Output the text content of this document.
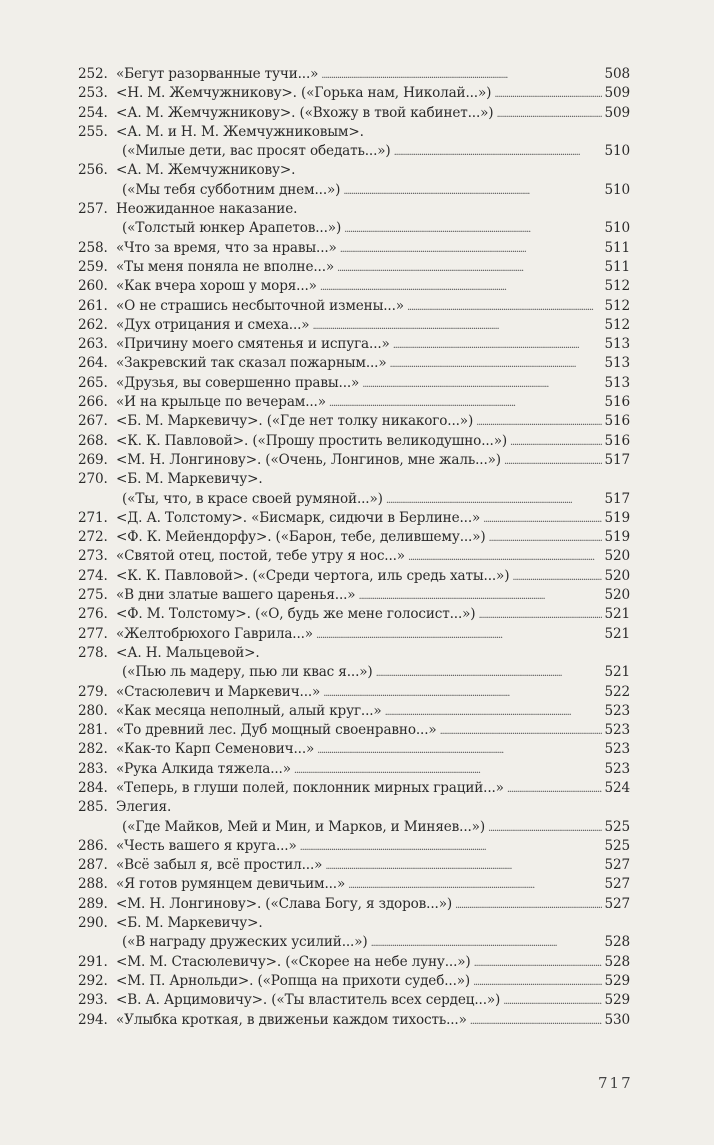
252. «Бегут разорванные тучи...» . . .	508
253. <Н. М. Жемчужникову>. («Горька нам, Николай...») . . .	509
254. <А. М. Жемчужникову>. («Вхожу в твой кабинет...») . . .	509
255. <А. М. и Н. М. Жемчужниковым>.
(«Милые дети, вас просят обедать...») . . .	510
256. <А. М. Жемчужникову>.
(«Мы тебя субботним днем...») . . .	510
257. Неожиданное наказание.
(«Толстый юнкер Арапетов...») . . .	510
258. «Что за время, что за нравы...» . . .	511
259. «Ты меня поняла не вполне...» . . .	511
260. «Как вчера хорош у моря...» . . .	512
261. «О не страшись несбыточной измены...» . . .	512
262. «Дух отрицания и смеха...» . . .	512
263. «Причину моего смятенья и испуга...» . . .	513
264. «Закревский так сказал пожарным...» . . .	513
265. «Друзья, вы совершенно правы...» . . .	513
266. «И на крыльце по вечерам...» . . .	516
267. <Б. М. Маркевичу>. («Где нет толку никакого...») . . .	516
268. <К. К. Павловой>. («Прошу простить великодушно...») . . .	516
269. <М. Н. Лонгинову>. («Очень, Лонгинов, мне жаль...») . . .	517
270. <Б. М. Маркевичу>.
(«Ты, что, в красе своей румяной...») . . .	517
271. <Д. А. Толстому>. «Бисмарк, сидючи в Берлине...» . . .	519
272. <Ф. К. Мейендорфу>. («Барон, тебе, делившему...») . . .	519
273. «Святой отец, постой, тебе утру я нос...» . . .	520
274. <К. К. Павловой>. («Среди чертога, иль средь хаты...») . . .	520
275. «В дни златые вашего царенья...» . . .	520
276. <Ф. М. Толстому>. («О, будь же мене голосист...») . . .	521
277. «Желтобрюхого Гаврила...» . . .	521
278. <А. Н. Мальцевой>.
(«Пью ль мадеру, пью ли квас я...») . . .	521
279. «Стасюлевич и Маркевич...» . . .	522
280. «Как месяца неполный, алый круг...» . . .	523
281. «То древний лес. Дуб мощный своенравно...» . . .	523
282. «Как-то Карп Семенович...» . . .	523
283. «Рука Алкида тяжела...» . . .	523
284. «Теперь, в глуши полей, поклонник мирных граций...» . . .	524
285. Элегия.
(«Где Майков, Мей и Мин, и Марков, и Миняев...») . . .	525
286. «Честь вашего я круга...» . . .	525
287. «Всё забыл я, всё простил...» . . .	527
288. «Я готов румянцем девичьим...» . . .	527
289. <М. Н. Лонгинову>. («Слава Богу, я здоров...») . . .	527
290. <Б. М. Маркевичу>.
(«В награду дружеских усилий...») . . .	528
291. <М. М. Стасюлевичу>. («Скорее на небе луну...») . . .	528
292. <М. П. Арнольди>. («Ропща на прихоти судеб...») . . .	529
293. <В. А. Арцимовичу>. («Ты властитель всех сердец...») . . .	529
294. «Улыбка кроткая, в движеньи каждом тихость...» . . .	530
717
